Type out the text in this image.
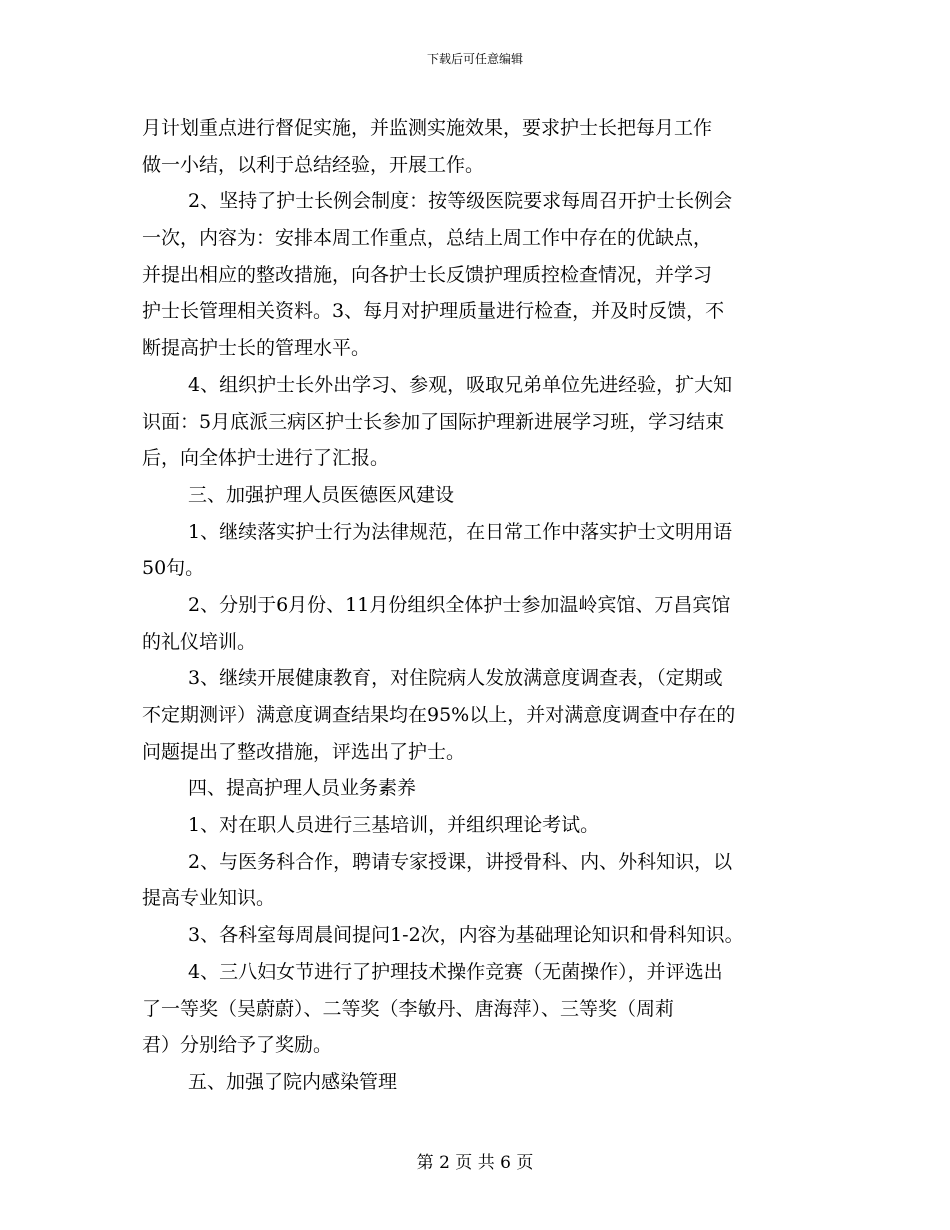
下载后可任意编辑
月计划重点进行督促实施，并监测实施效果，要求护士长把每月工作
做一小结，以利于总结经验，开展工作。
2、坚持了护士长例会制度：按等级医院要求每周召开护士长例会
一次，内容为：安排本周工作重点，总结上周工作中存在的优缺点，
并提出相应的整改措施，向各护士长反馈护理质控检查情况，并学习
护士长管理相关资料。3、每月对护理质量进行检查，并及时反馈，不
断提高护士长的管理水平。
4、组织护士长外出学习、参观，吸取兄弟单位先进经验，扩大知
识面：5月底派三病区护士长参加了国际护理新进展学习班，学习结束
后，向全体护士进行了汇报。
三、加强护理人员医德医风建设
1、继续落实护士行为法律规范，在日常工作中落实护士文明用语
50句。
2、分别于6月份、11月份组织全体护士参加温岭宾馆、万昌宾馆
的礼仪培训。
3、继续开展健康教育，对住院病人发放满意度调查表，（定期或
不定期测评）满意度调查结果均在95%以上，并对满意度调查中存在的
问题提出了整改措施，评选出了护士。
四、提高护理人员业务素养
1、对在职人员进行三基培训，并组织理论考试。
2、与医务科合作，聘请专家授课，讲授骨科、内、外科知识，以
提高专业知识。
3、各科室每周晨间提问1-2次，内容为基础理论知识和骨科知识。
4、三八妇女节进行了护理技术操作竞赛（无菌操作），并评选出
了一等奖（吴蔚蔚）、二等奖（李敏丹、唐海萍）、三等奖（周莉
君）分别给予了奖励。
五、加强了院内感染管理
第 2 页 共 6 页
